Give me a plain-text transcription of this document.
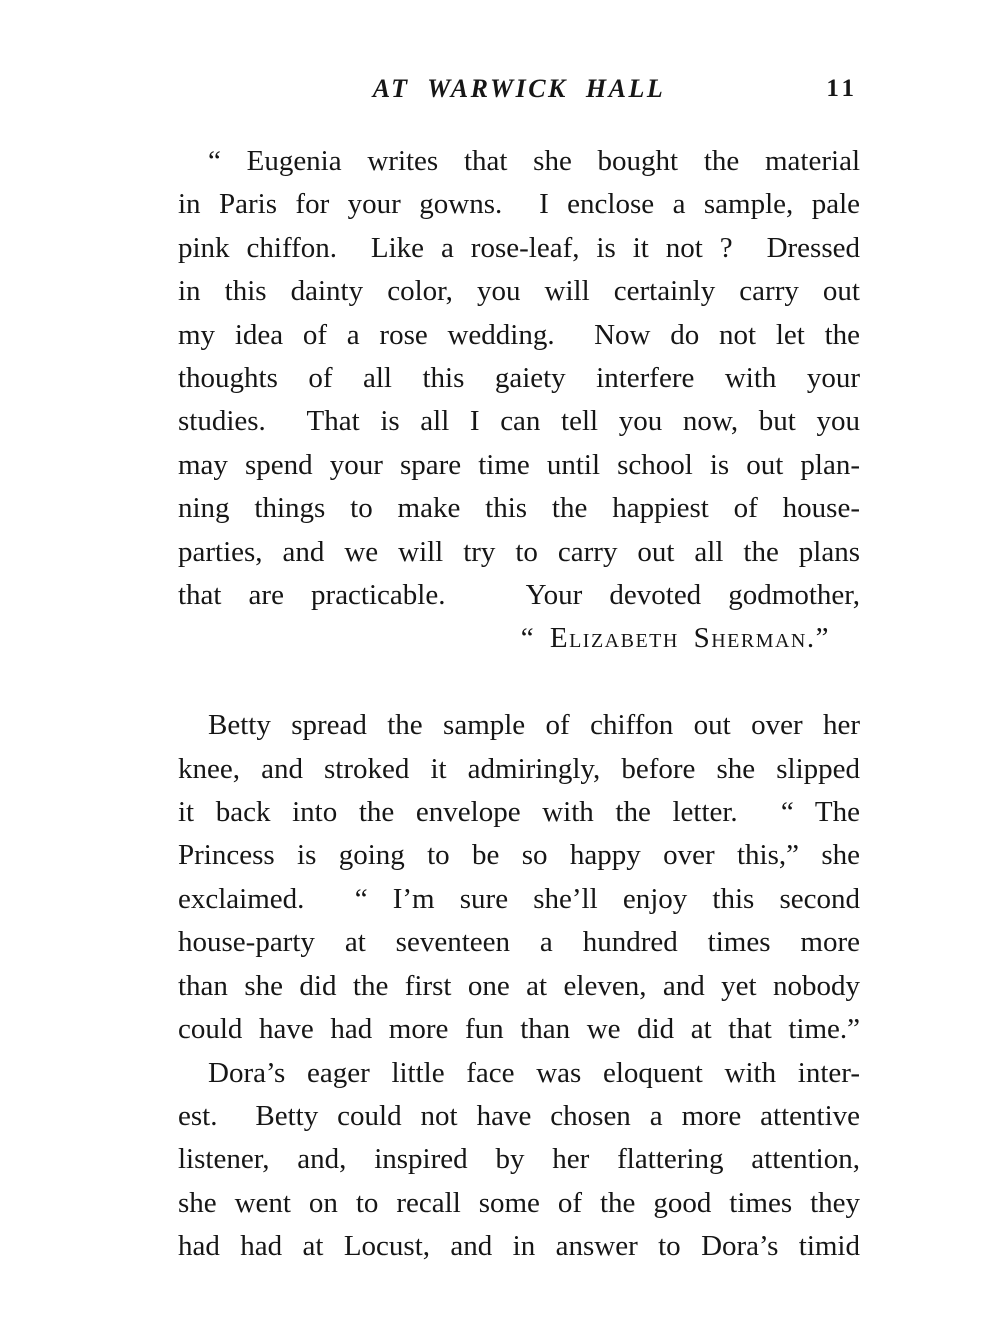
AT WARWICK HALL	11
“ Eugenia writes that she bought the material
in Paris for your gowns.  I enclose a sample, pale
pink chiffon.  Like a rose-leaf, is it not ?  Dressed
in this dainty color, you will certainly carry out
my idea of a rose wedding.  Now do not let the
thoughts of all this gaiety interfere with your
studies.  That is all I can tell you now, but you
may spend your spare time until school is out plan-
ning things to make this the happiest of house-
parties, and we will try to carry out all the plans
that are practicable.   Your devoted godmother,
“ Elizabeth Sherman.”
Betty spread the sample of chiffon out over her
knee, and stroked it admiringly, before she slipped
it back into the envelope with the letter.  “ The
Princess is going to be so happy over this,” she
exclaimed.  “ I’m sure she’ll enjoy this second
house-party at seventeen a hundred times more
than she did the first one at eleven, and yet nobody
could have had more fun than we did at that time.”
Dora’s eager little face was eloquent with inter-
est.  Betty could not have chosen a more attentive
listener, and, inspired by her flattering attention,
she went on to recall some of the good times they
had had at Locust, and in answer to Dora’s timid
